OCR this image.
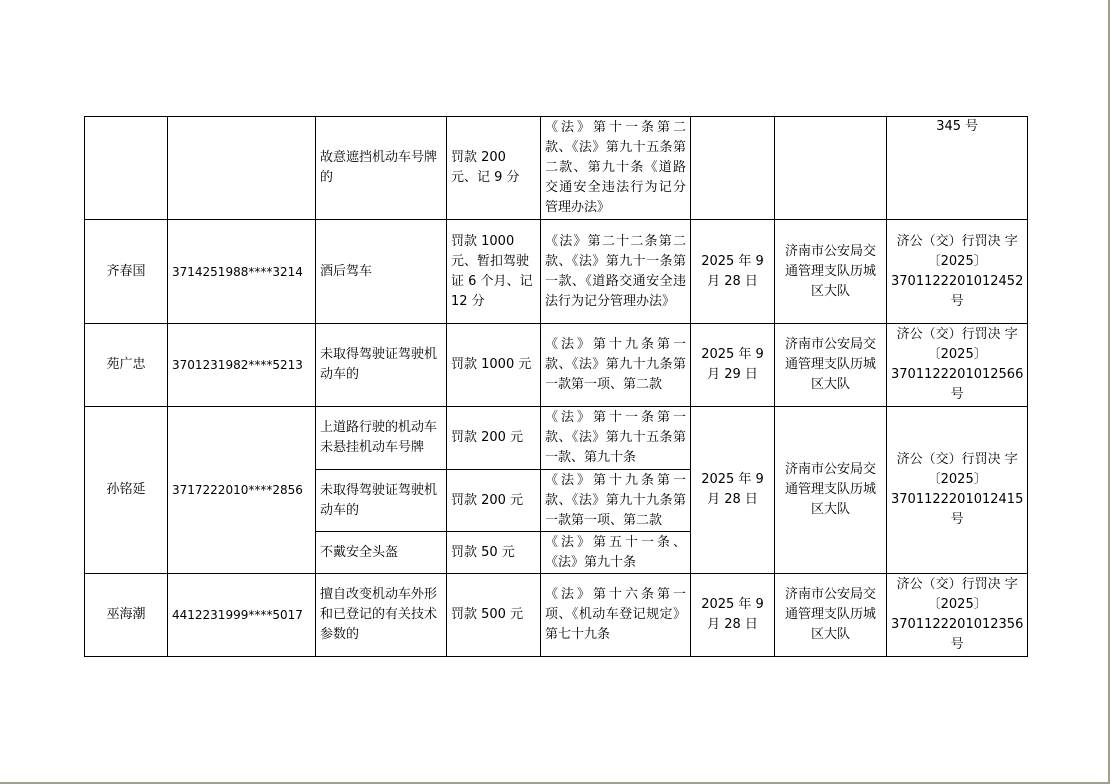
		故意遮挡机动车号牌的	罚款 200 元、记 9 分	《法》第十一条第二款、《法》第九十五条第二款、第九十条《道路交通安全违法行为记分管理办法》			345 号
齐春国	3714251988****3214	酒后驾车	罚款 1000 元、暂扣驾驶证 6 个月、记 12 分	《法》第二十二条第二款、《法》第九十一条第一款、《道路交通安全违法行为记分管理办法》	2025 年 9 月 28 日	济南市公安局交通管理支队历城区大队	济公（交）行罚决 字〔2025〕3701122201012452 号
苑广忠	3701231982****5213	未取得驾驶证驾驶机动车的	罚款 1000 元	《法》第十九条第一款、《法》第九十九条第一款第一项、第二款	2025 年 9 月 29 日	济南市公安局交通管理支队历城区大队	济公（交）行罚决 字〔2025〕3701122201012566 号
孙铭延	3717222010****2856	上道路行驶的机动车未悬挂机动车号牌	罚款 200 元	《法》第十一条第一款、《法》第九十五条第一款、第九十条	2025 年 9 月 28 日	济南市公安局交通管理支队历城区大队	济公（交）行罚决 字〔2025〕3701122201012415 号
		未取得驾驶证驾驶机动车的	罚款 200 元	《法》第十九条第一款、《法》第九十九条第一款第一项、第二款			
		不戴安全头盔	罚款 50 元	《法》第五十一条、《法》第九十条			
巫海潮	4412231999****5017	擅自改变机动车外形和已登记的有关技术参数的	罚款 500 元	《法》第十六条第一项、《机动车登记规定》第七十九条	2025 年 9 月 28 日	济南市公安局交通管理支队历城区大队	济公（交）行罚决 字〔2025〕3701122201012356 号
